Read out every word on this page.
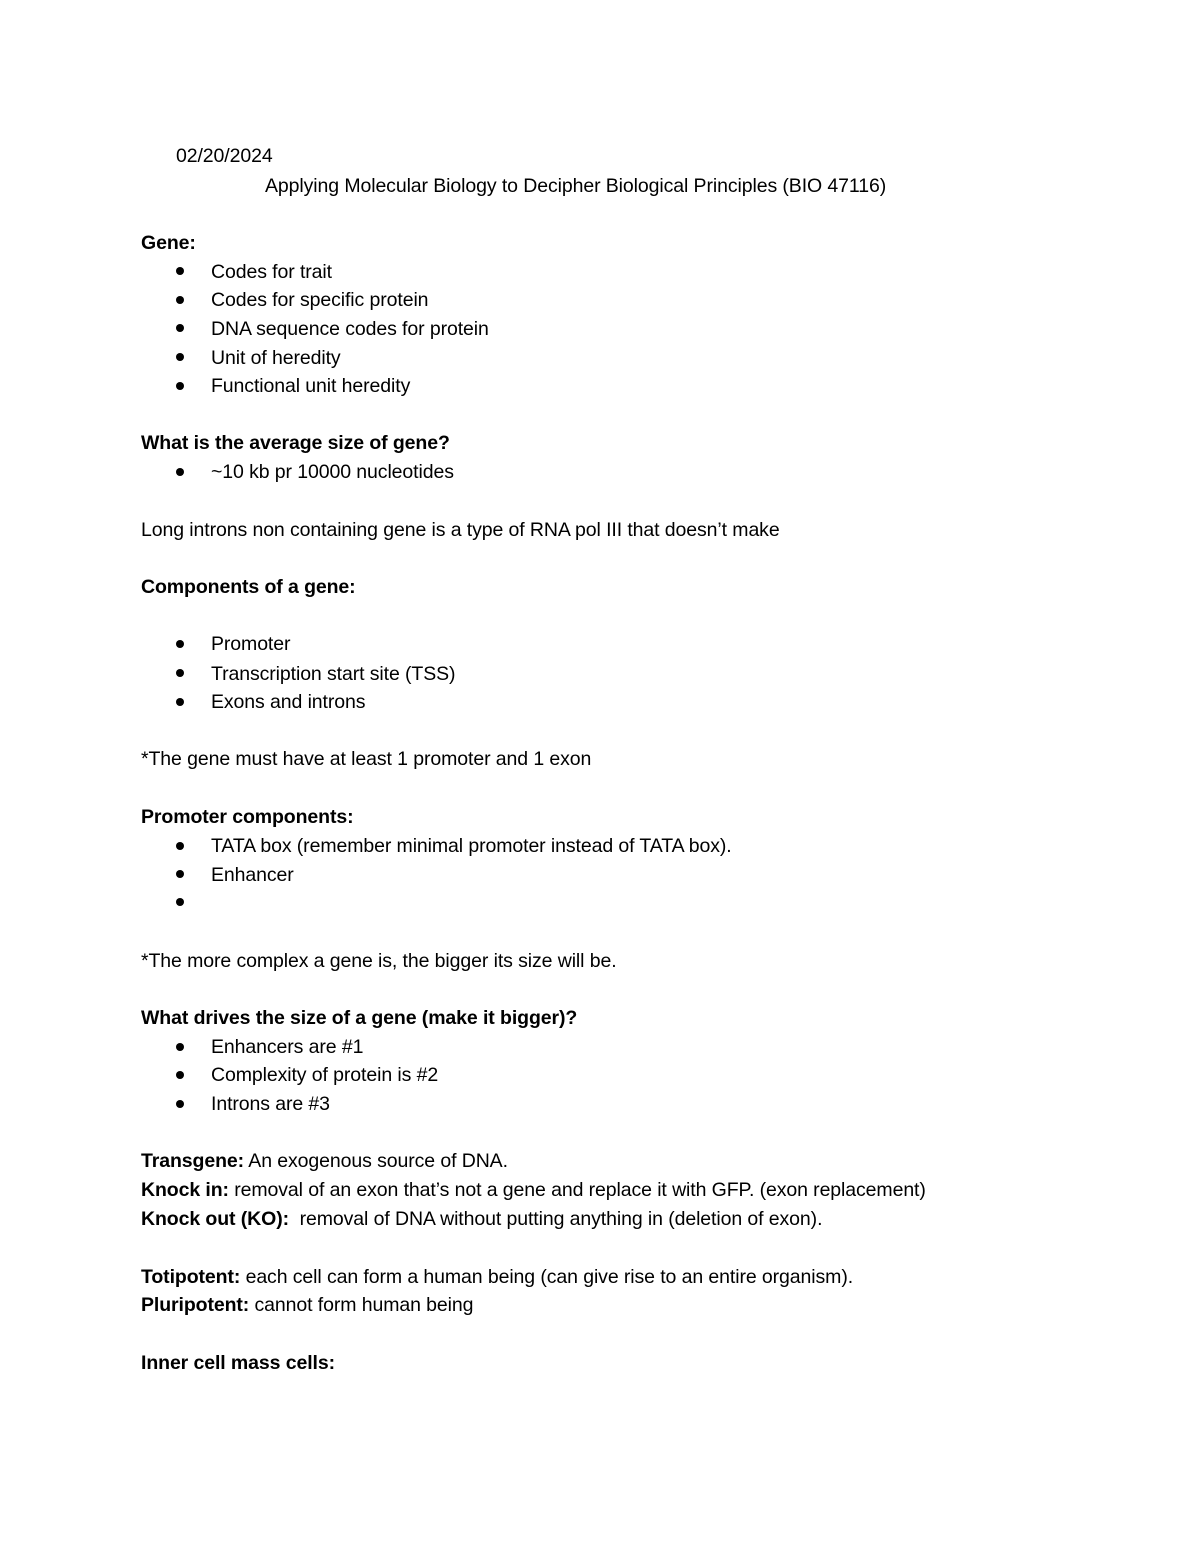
02/20/2024
Applying Molecular Biology to Decipher Biological Principles (BIO 47116)
Gene:
Codes for trait
Codes for specific protein
DNA sequence codes for protein
Unit of heredity
Functional unit heredity
What is the average size of gene?
~10 kb pr 10000 nucleotides
Long introns non containing gene is a type of RNA pol III that doesn’t make
Components of a gene:
Promoter
Transcription start site (TSS)
Exons and introns
*The gene must have at least 1 promoter and 1 exon
Promoter components:
TATA box (remember minimal promoter instead of TATA box).
Enhancer
*The more complex a gene is, the bigger its size will be.
What drives the size of a gene (make it bigger)?
Enhancers are #1
Complexity of protein is #2
Introns are #3
Transgene: An exogenous source of DNA.
Knock in: removal of an exon that’s not a gene and replace it with GFP. (exon replacement)
Knock out (KO):  removal of DNA without putting anything in (deletion of exon).
Totipotent: each cell can form a human being (can give rise to an entire organism).
Pluripotent: cannot form human being
Inner cell mass cells:
